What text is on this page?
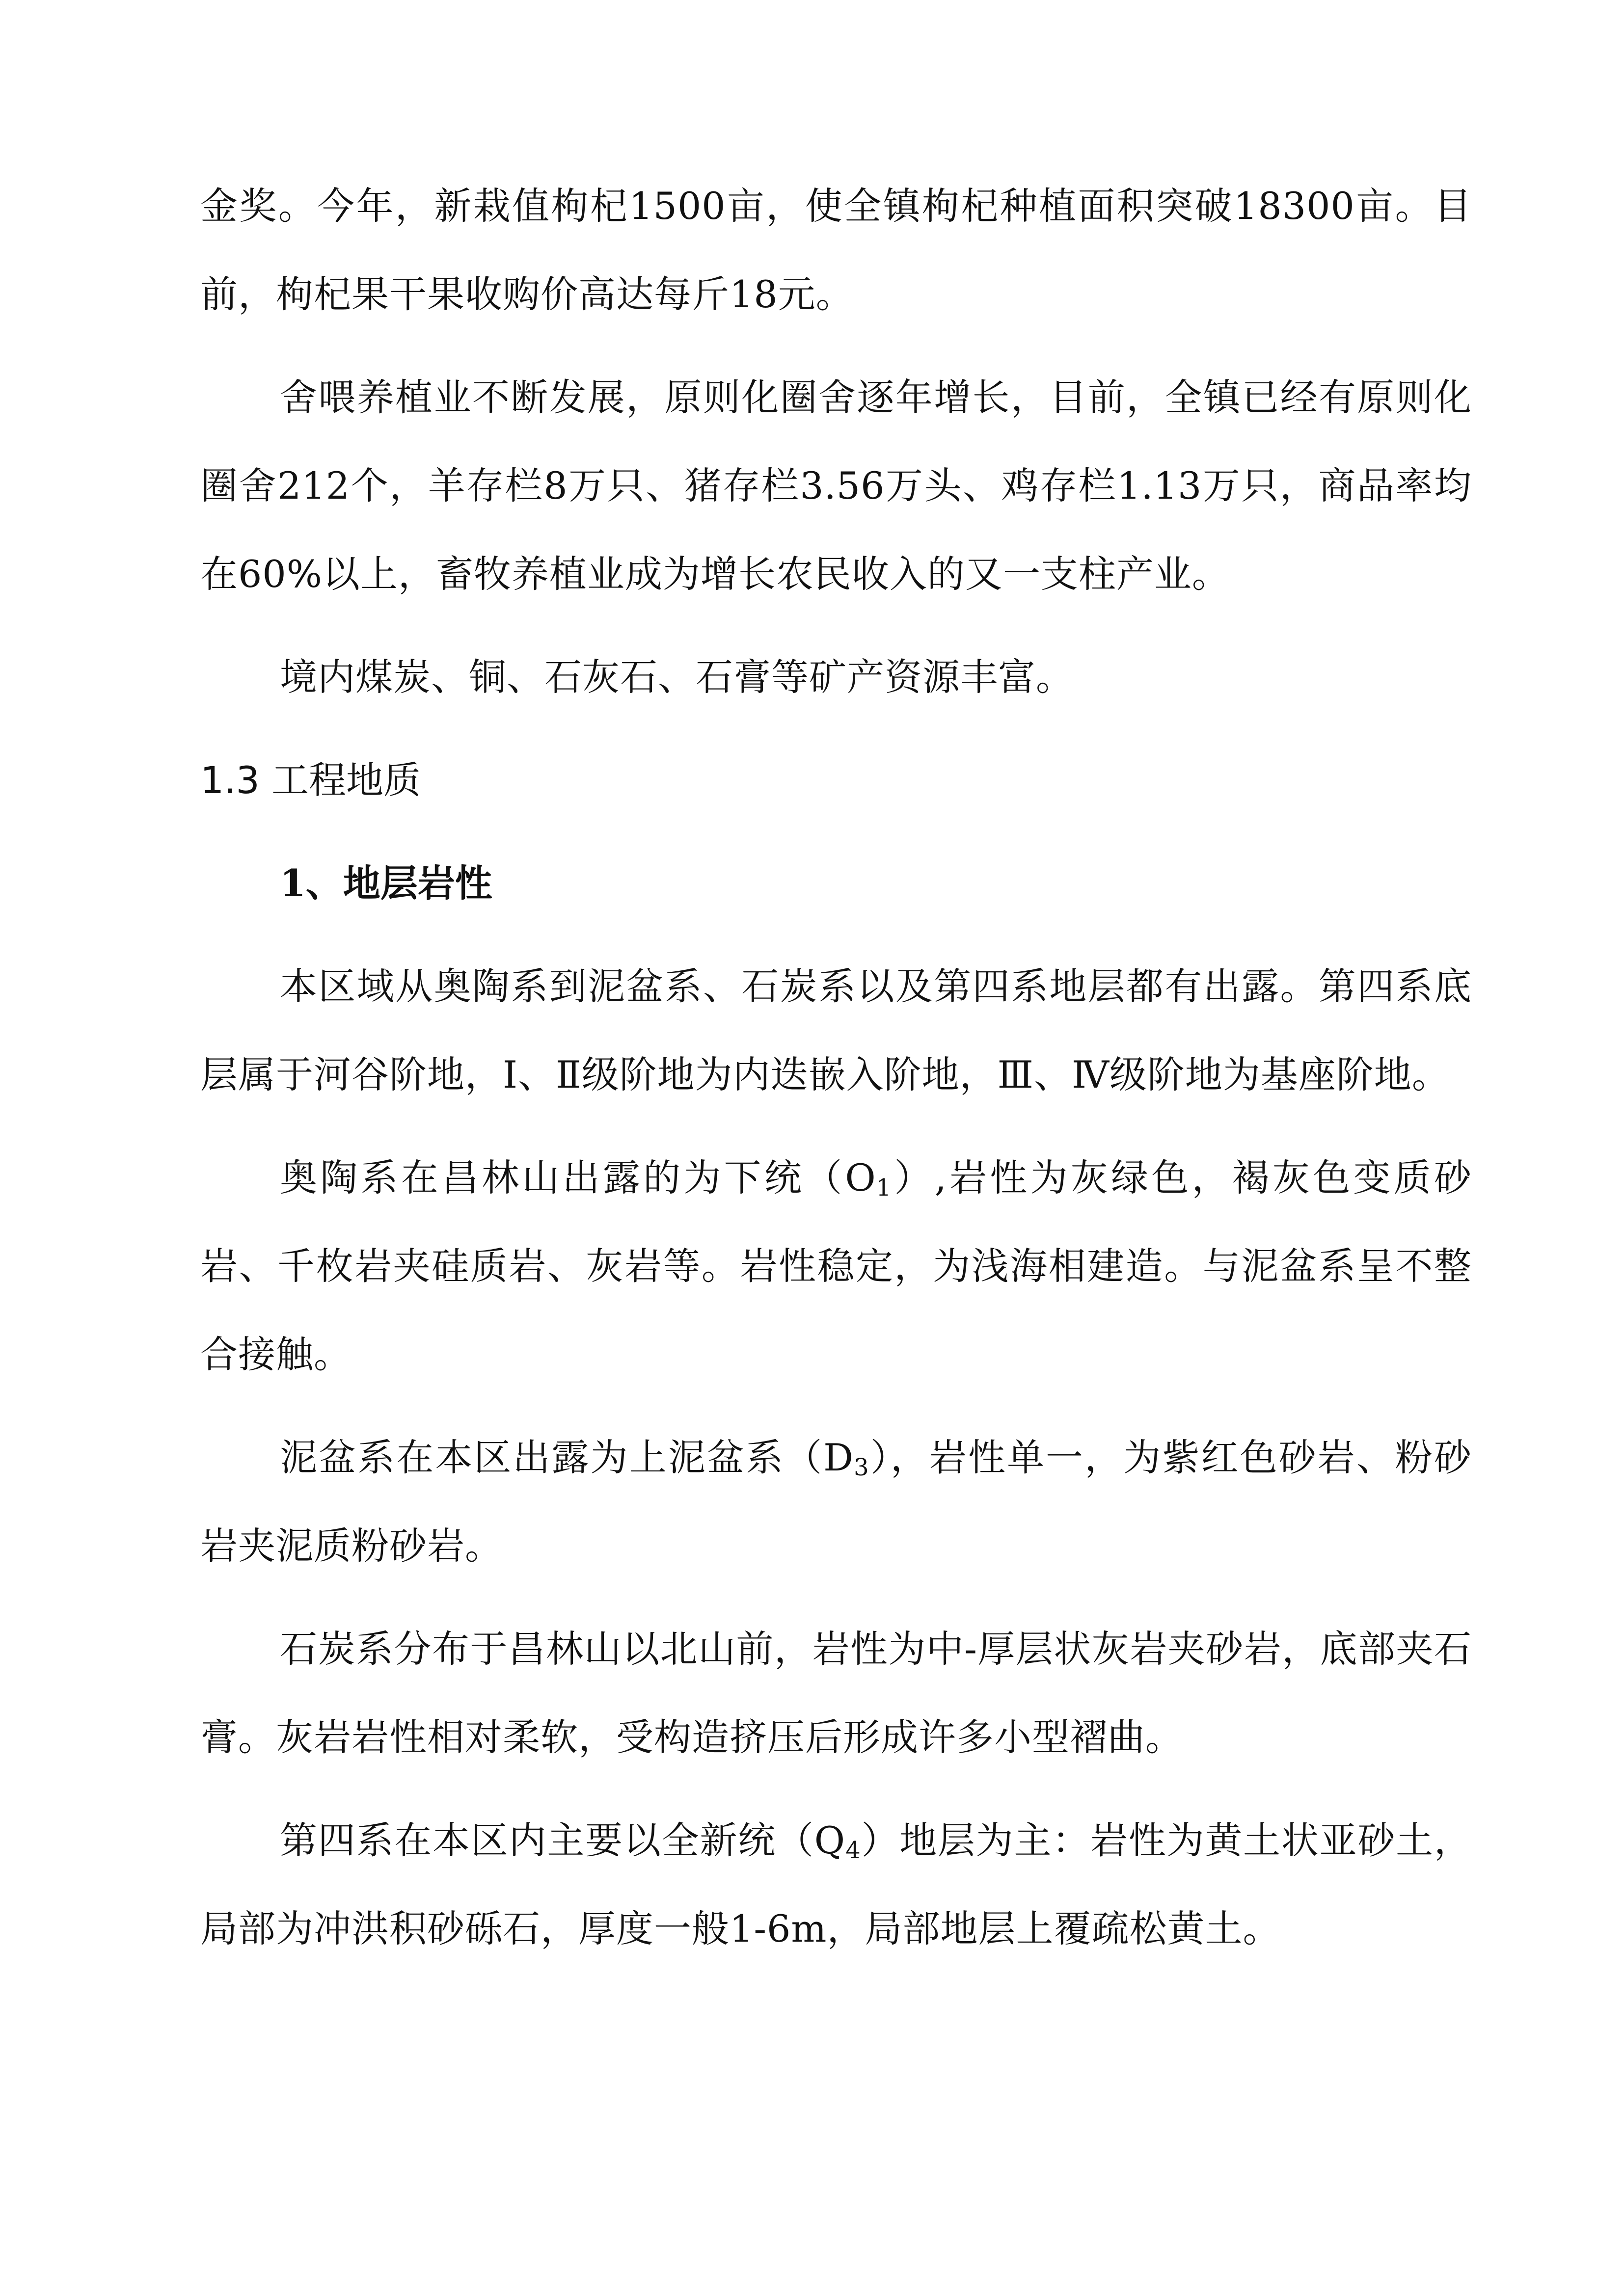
金奖。今年，新栽值枸杞1500亩，使全镇枸杞种植面积突破18300亩。目前，枸杞果干果收购价高达每斤18元。

舍喂养植业不断发展，原则化圈舍逐年增长，目前，全镇已经有原则化圈舍212个，羊存栏8万只、猪存栏3.56万头、鸡存栏1.13万只，商品率均在60%以上，畜牧养植业成为增长农民收入的又一支柱产业。

境内煤炭、铜、石灰石、石膏等矿产资源丰富。

1.3 工程地质
1、地层岩性

本区域从奥陶系到泥盆系、石炭系以及第四系地层都有出露。第四系底层属于河谷阶地，Ⅰ、Ⅱ级阶地为内迭嵌入阶地，Ⅲ、Ⅳ级阶地为基座阶地。

奥陶系在昌林山出露的为下统$(O_1)$,岩性为灰绿色，褐灰色变质砂岩、千枚岩夹硅质岩、灰岩等。岩性稳定，为浅海相建造。与泥盆系呈不整合接触。

泥盆系在本区出露为上泥盆系$(D_3)$，岩性单一，为紫红色砂岩、粉砂岩夹泥质粉砂岩。

石炭系分布于昌林山以北山前，岩性为中-厚层状灰岩夹砂岩，底部夹石膏。灰岩岩性相对柔软，受构造挤压后形成许多小型褶曲。

第四系在本区内主要以全新统$(Q_4)$地层为主：岩性为黄土状亚砂土，局部为冲洪积砂砾石，厚度一般1-6m，局部地层上覆疏松黄土。
